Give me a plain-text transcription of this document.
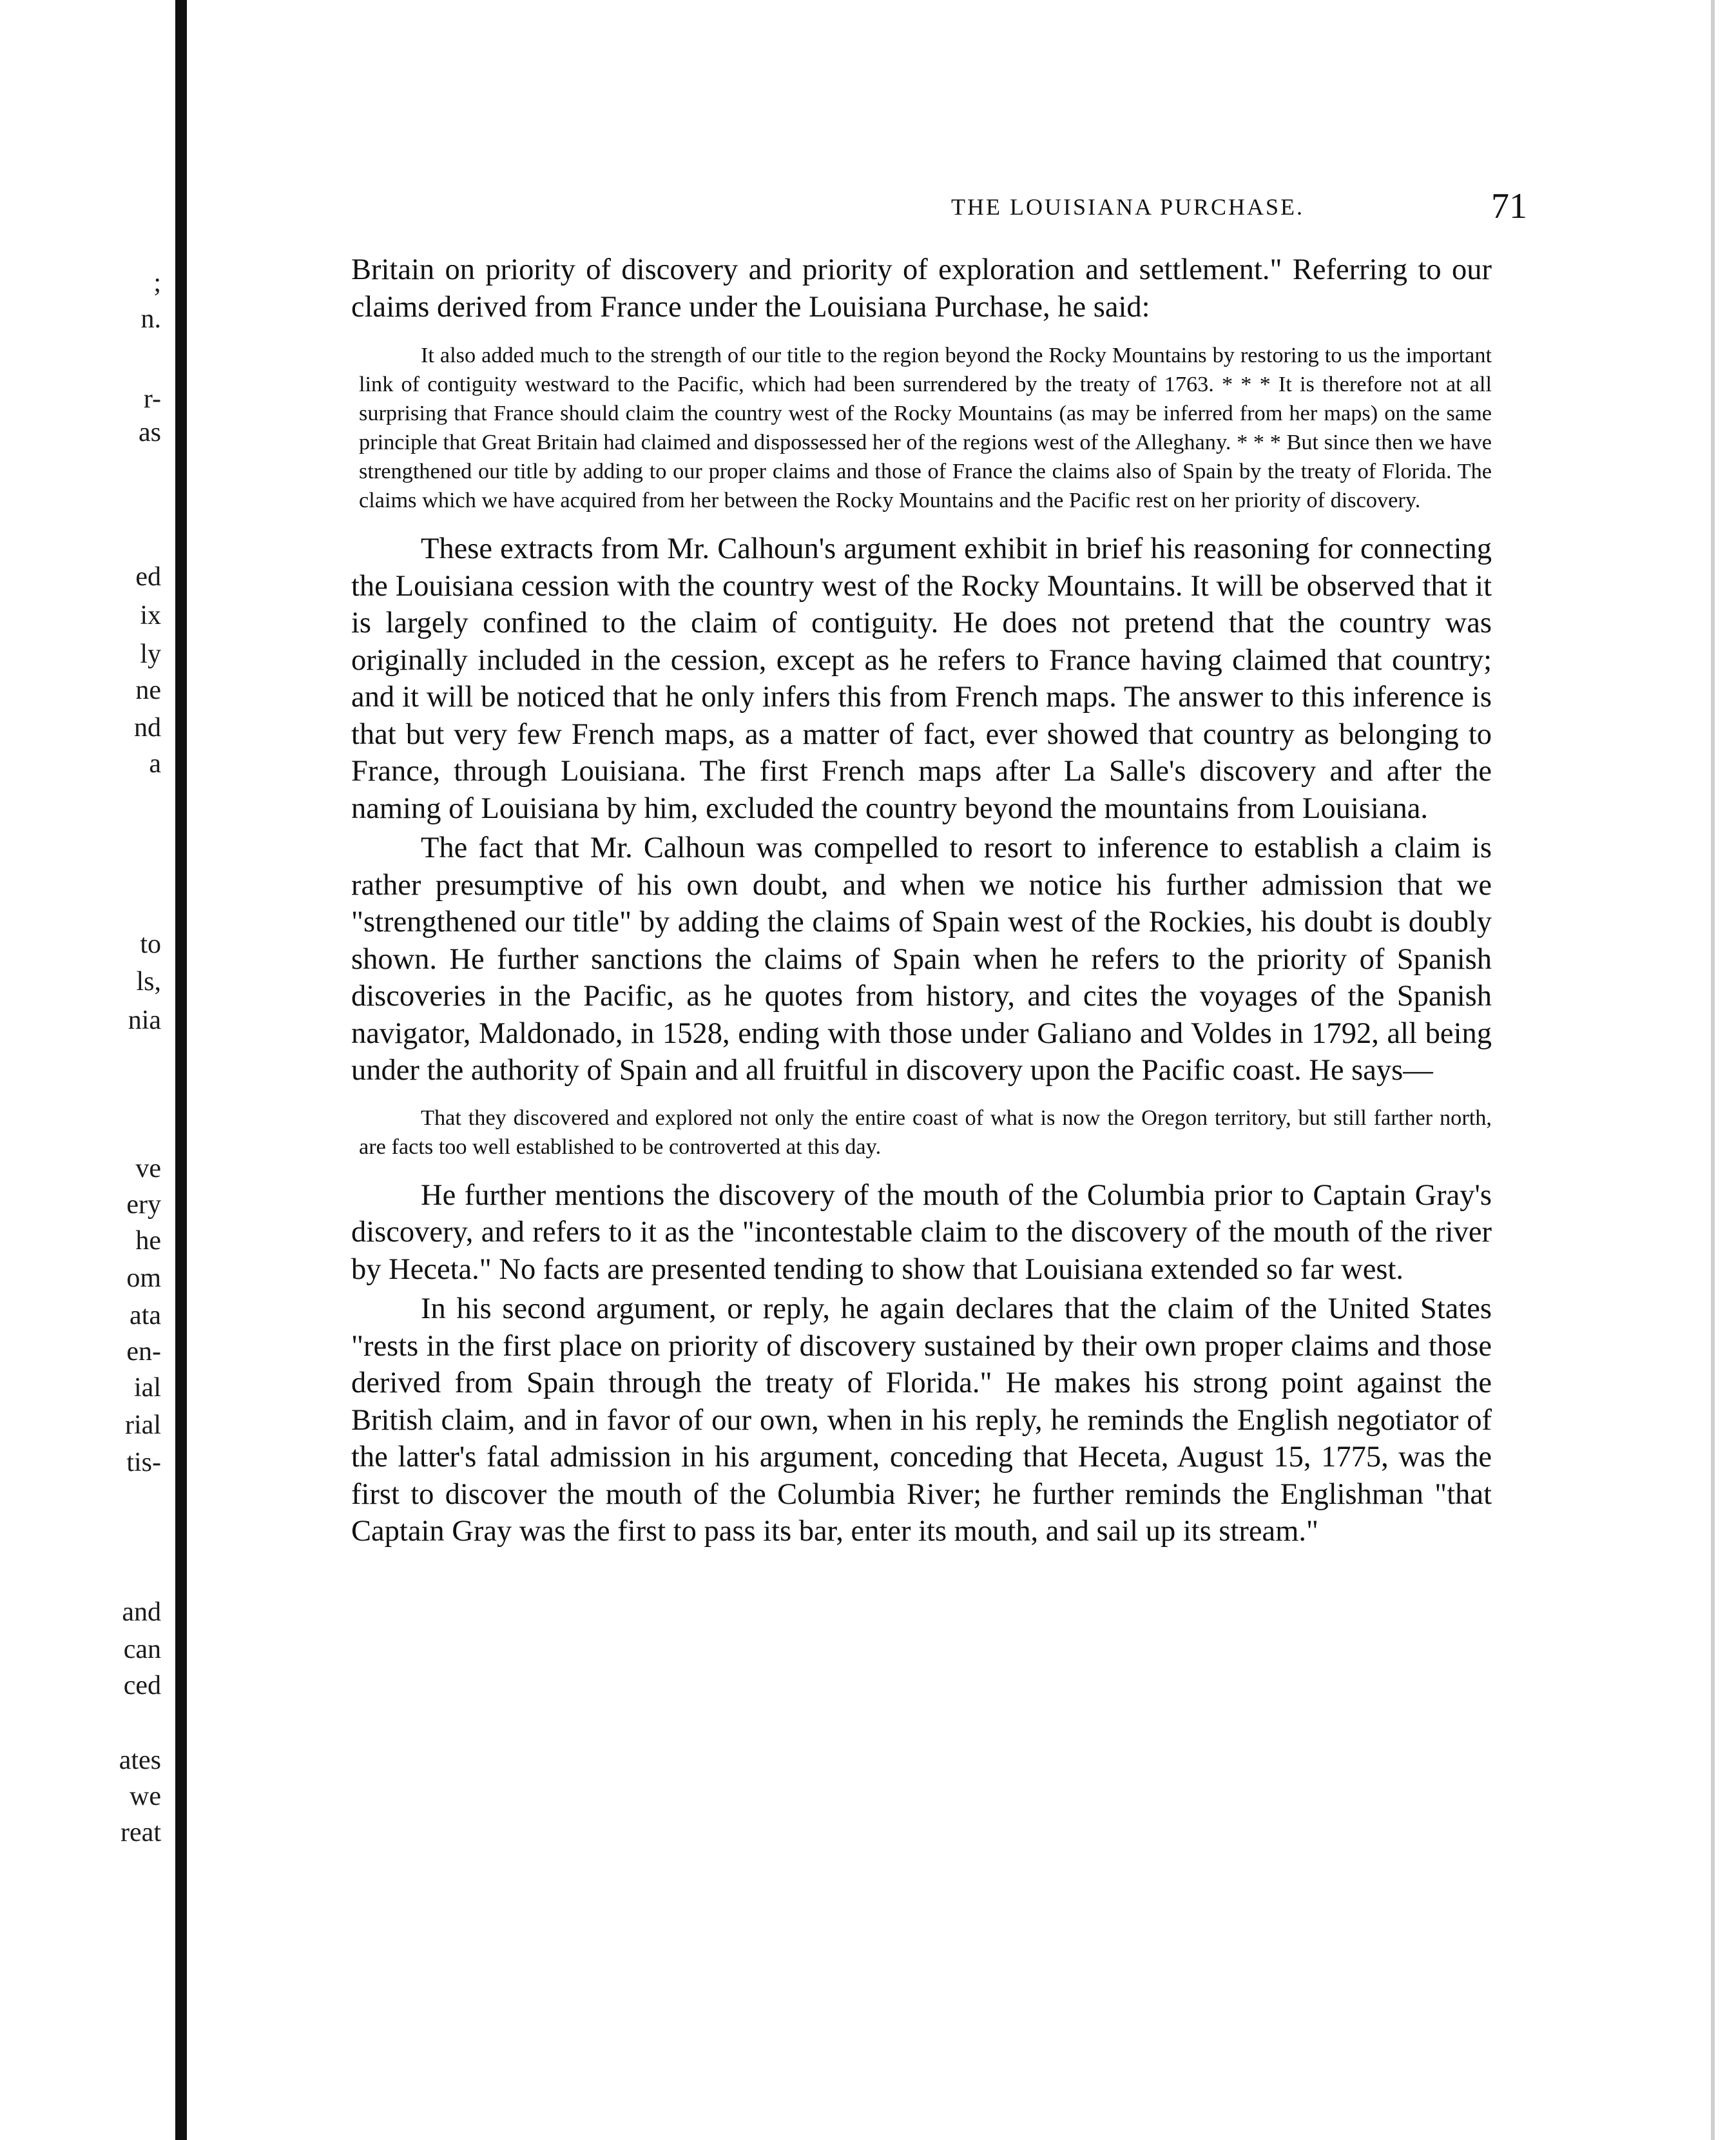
;
n.
r-
as
ed
ix
ly
ne
nd
a
to
ls,
nia
ve
ery
he
om
ata
en-
ial
rial
tis-
and
can
ced
ates
we
reat
THE LOUISIANA PURCHASE.	71

Britain on priority of discovery and priority of exploration and settlement." Referring to our claims derived from France under the Louisiana Purchase, he said:

It also added much to the strength of our title to the region beyond the Rocky Mountains by restoring to us the important link of contiguity westward to the Pacific, which had been surrendered by the treaty of 1763. * * * It is therefore not at all surprising that France should claim the country west of the Rocky Mountains (as may be inferred from her maps) on the same principle that Great Britain had claimed and dispossessed her of the regions west of the Alleghany. * * * But since then we have strengthened our title by adding to our proper claims and those of France the claims also of Spain by the treaty of Florida. The claims which we have acquired from her between the Rocky Mountains and the Pacific rest on her priority of discovery.

These extracts from Mr. Calhoun's argument exhibit in brief his reasoning for connecting the Louisiana cession with the country west of the Rocky Mountains. It will be observed that it is largely confined to the claim of contiguity. He does not pretend that the country was originally included in the cession, except as he refers to France having claimed that country; and it will be noticed that he only infers this from French maps. The answer to this inference is that but very few French maps, as a matter of fact, ever showed that country as belonging to France, through Louisiana. The first French maps after La Salle's discovery and after the naming of Louisiana by him, excluded the country beyond the mountains from Louisiana.

The fact that Mr. Calhoun was compelled to resort to inference to establish a claim is rather presumptive of his own doubt, and when we notice his further admission that we "strengthened our title" by adding the claims of Spain west of the Rockies, his doubt is doubly shown. He further sanctions the claims of Spain when he refers to the priority of Spanish discoveries in the Pacific, as he quotes from history, and cites the voyages of the Spanish navigator, Maldonado, in 1528, ending with those under Galiano and Voldes in 1792, all being under the authority of Spain and all fruitful in discovery upon the Pacific coast. He says—

That they discovered and explored not only the entire coast of what is now the Oregon territory, but still farther north, are facts too well established to be controverted at this day.

He further mentions the discovery of the mouth of the Columbia prior to Captain Gray's discovery, and refers to it as the "incontestable claim to the discovery of the mouth of the river by Heceta." No facts are presented tending to show that Louisiana extended so far west.

In his second argument, or reply, he again declares that the claim of the United States "rests in the first place on priority of discovery sustained by their own proper claims and those derived from Spain through the treaty of Florida." He makes his strong point against the British claim, and in favor of our own, when in his reply, he reminds the English negotiator of the latter's fatal admission in his argument, conceding that Heceta, August 15, 1775, was the first to discover the mouth of the Columbia River; he further reminds the Englishman "that Captain Gray was the first to pass its bar, enter its mouth, and sail up its stream."
